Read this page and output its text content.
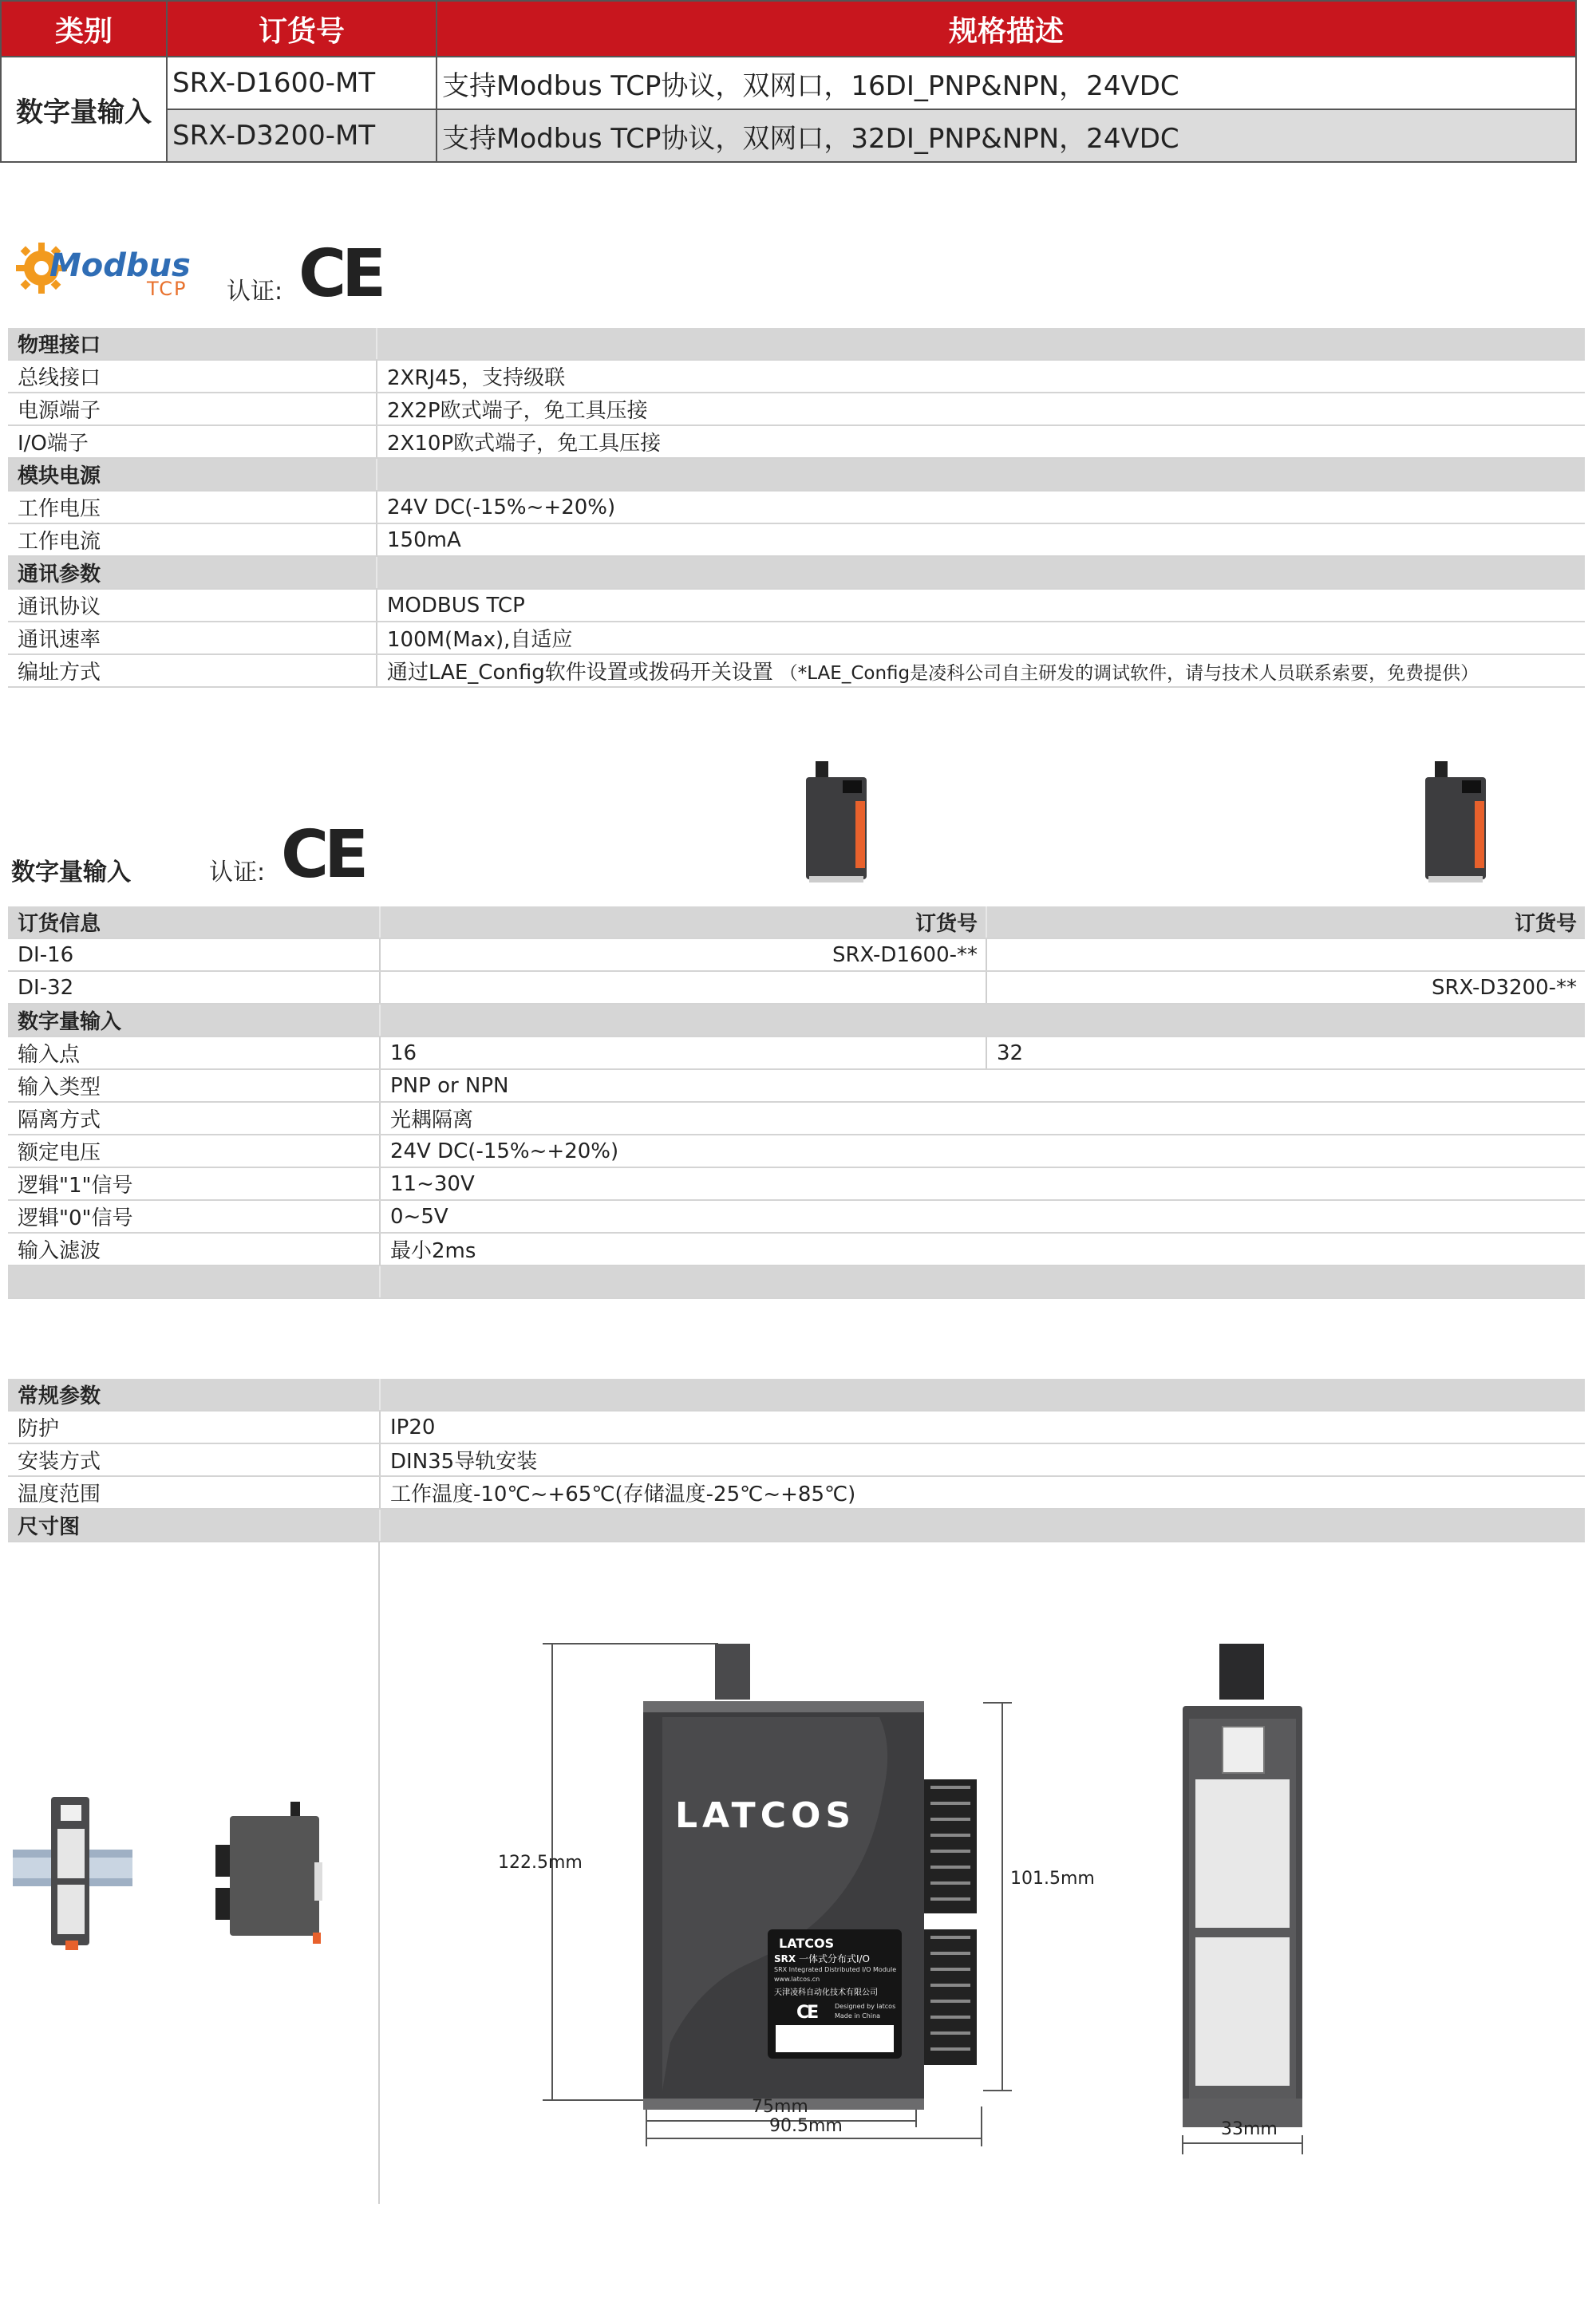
类别	订货号	规格描述
数字量输入	SRX-D1600-MT	支持Modbus TCP协议，双网口，16DI_PNP&NPN，24VDC
	SRX-D3200-MT	支持Modbus TCP协议，双网口，32DI_PNP&NPN，24VDC
Modbus
TCP 认证: CE
物理接口	
总线接口	2XRJ45，支持级联
电源端子	2X2P欧式端子，免工具压接
I/O端子	2X10P欧式端子，免工具压接
模块电源	
工作电压	24V DC(-15%~+20%)
工作电流	150mA
通讯参数	
通讯协议	MODBUS TCP
通讯速率	100M(Max),自适应
编址方式	通过LAE_Config软件设置或拨码开关设置 （*LAE_Config是凌科公司自主研发的调试软件，请与技术人员联系索要，免费提供）
数字量输入	认证: CE
订货信息	订货号	订货号
DI-16	SRX-D1600-**	
DI-32		SRX-D3200-**
数字量输入		
输入点	16	32
输入类型	PNP or NPN	
隔离方式	光耦隔离	
额定电压	24V DC(-15%~+20%)	
逻辑"1"信号	11~30V	
逻辑"0"信号	0~5V	
输入滤波	最小2ms	

常规参数	
防护	IP20
安装方式	DIN35导轨安装
温度范围	工作温度-10℃~+65℃(存储温度-25℃~+85℃)
尺寸图	
LATCOS
LATCOS
SRX 一体式分布式I/O
SRX Integrated Distributed I/O Module
www.latcos.cn
天津凌科自动化技术有限公司
CE	Designed by latcos
Made in China
122.5mm
101.5mm
75mm
90.5mm	33mm
